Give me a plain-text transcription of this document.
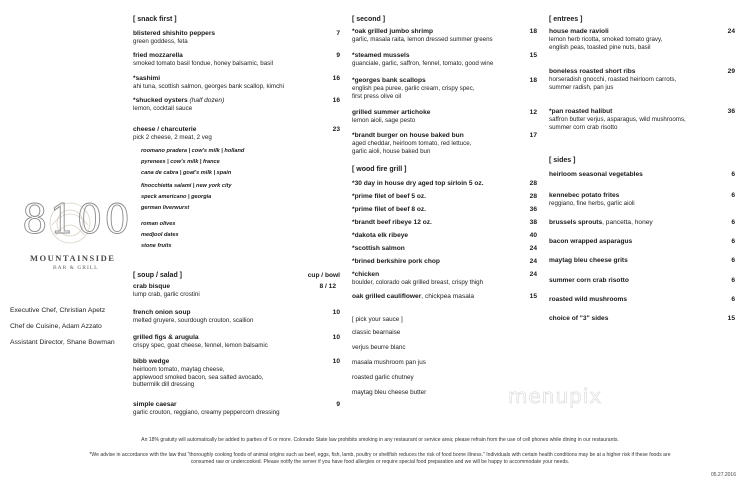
8100
MOUNTAINSIDE
BAR & GRILL
Executive Chef, Christian Apetz
Chef de Cuisine, Adam Azzato
Assistant Director, Shane Bowman
[ snack first ]
blistered shishito peppers
green goddess, feta
7
fried mozzarella
smoked tomato basil fondue, honey balsamic, basil
9
*sashimi
ahi tuna, scottish salmon, georges bank scallop, kimchi
16
*shucked oysters (half dozen)
lemon, cocktail sauce
16
cheese / charcuterie
pick 2 cheese, 2 meat, 2 veg
23
roomano pradera | cow's milk | holland
pyrenees | cow's milk | france
cana de cabra | goat's milk | spain
finocchietta salami | new york city
speck americano | georgia
german liverwurst
roman olives
medjool dates
stone fruits
[ soup / salad ]	cup / bowl
crab bisque
lump crab, garlic crostini
8 / 12
french onion soup
melted gruyere, sourdough crouton, scallion
10
grilled figs & arugula
crispy spec, goat cheese, fennel, lemon balsamic
10
bibb wedge
heirloom tomato, maytag cheese,
applewood smoked bacon, sea salted avocado,
buttermilk dill dressing
10
simple caesar
garlic crouton, reggiano, creamy peppercorn dressing
9
[ second ]
*oak grilled jumbo shrimp
garlic, masala raita, lemon dressed summer greens
18
*steamed mussels
guanciale, garlic, saffron, fennel, tomato, good wine
15
*georges bank scallops
english pea puree, garlic cream, crispy spec,
first press olive oil
18
grilled summer artichoke
lemon aioli, sage pesto
12
*brandt burger on house baked bun
aged cheddar, heirloom tomato, red lettuce,
garlic aioli, house baked bun
17
[ wood fire grill ]
*30 day in house dry aged top sirloin 5 oz.	28
*prime filet of beef 5 oz.	28
*prime filet of beef 8 oz.	36
*brandt beef ribeye 12 oz.	38
*dakota elk ribeye	40
*scottish salmon	24
*brined berkshire pork chop	24
*chicken
boulder, colorado oak grilled breast, crispy thigh
24
oak grilled cauliflower, chickpea masala	15
[ pick your sauce ]
classic bearnaise
verjus beurre blanc
masala mushroom pan jus
roasted garlic chutney
maytag bleu cheese butter
[ entrees ]
house made ravioli
lemon herb ricotta, smoked tomato gravy,
english peas, toasted pine nuts, basil
24
boneless roasted short ribs
horseradish gnocchi, roasted heirloom carrots,
summer radish, pan jus
29
*pan roasted halibut
saffron butter verjus, asparagus, wild mushrooms,
summer corn crab risotto
36
[ sides ]
heirloom seasonal vegetables	6
kennebec potato frites
reggiano, fine herbs, garlic aioli
6
brussels sprouts, pancetta, honey	6
bacon wrapped asparagus	6
maytag bleu cheese grits	6
summer corn crab risotto	6
roasted wild mushrooms	6
choice of "3" sides	15
menupix
An 18% gratuity will automatically be added to parties of 6 or more. Colorado State law prohibits smoking in any restaurant or service area; please refrain from the use of cell phones while dining in our restaurants.
*We advise in accordance with the law that "thoroughly cooking foods of animal origins such as beef, eggs, fish, lamb, poultry or shellfish reduces the risk of food borne illness." Individuals with certain health conditions may be at a higher risk if these foods are
consumed raw or undercooked. Please notify the server if you have food allergies or require special food preparation and we will be happy to accommodate your needs.
05.27.2016
